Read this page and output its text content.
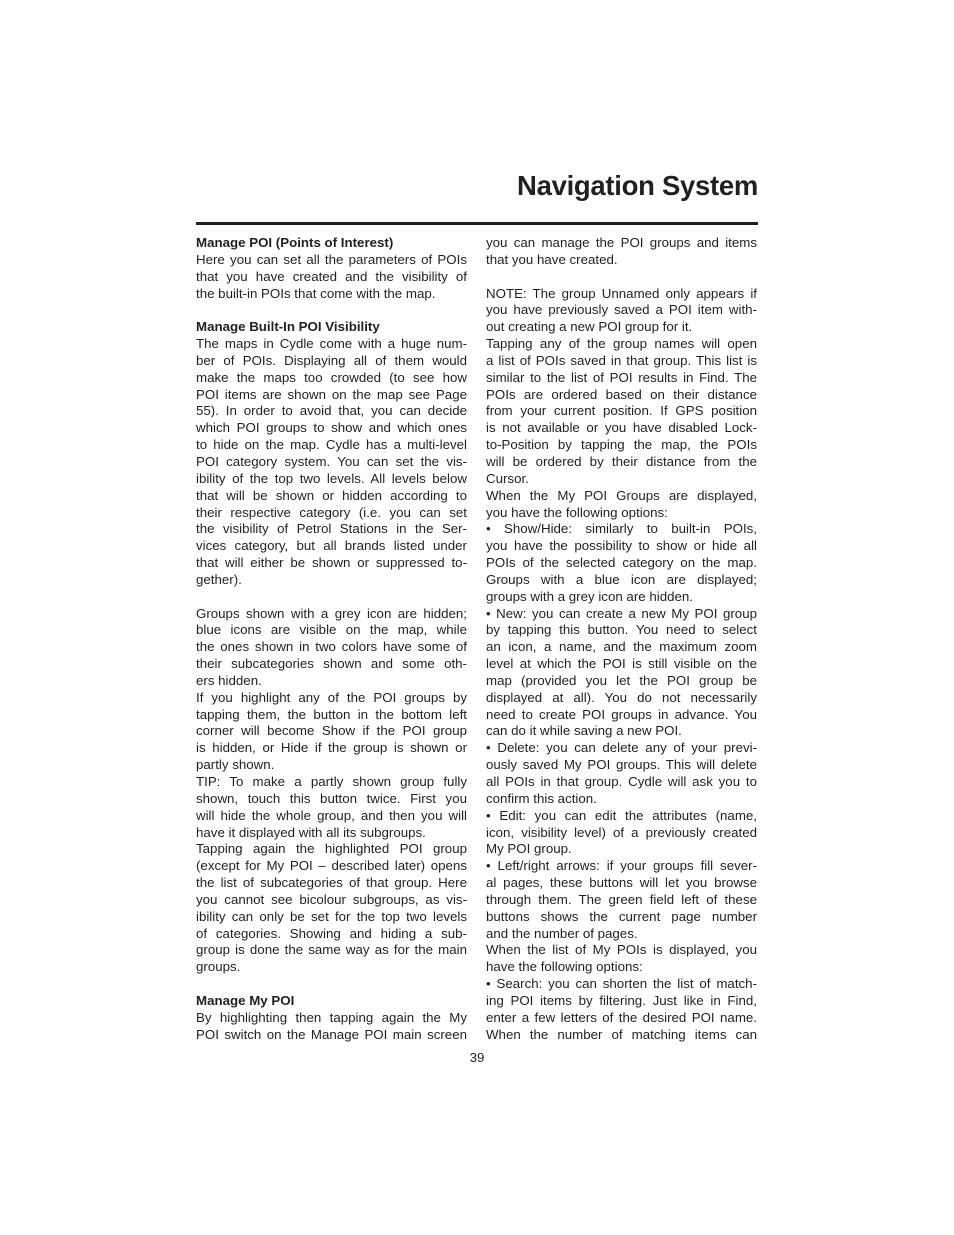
Navigation System
Manage POI (Points of Interest)
Here you can set all the parameters of POIs
that you have created and the visibility of
the built-in POIs that come with the map.
Manage Built-In POI Visibility
The maps in Cydle come with a huge num-
ber of POIs. Displaying all of them would
make the maps too crowded (to see how
POI items are shown on the map see Page
55). In order to avoid that, you can decide
which POI groups to show and which ones
to hide on the map. Cydle has a multi-level
POI category system. You can set the vis-
ibility of the top two levels. All levels below
that will be shown or hidden according to
their respective category (i.e. you can set
the visibility of Petrol Stations in the Ser-
vices category, but all brands listed under
that will either be shown or suppressed to-
gether).
Groups shown with a grey icon are hidden;
blue icons are visible on the map, while
the ones shown in two colors have some of
their subcategories shown and some oth-
ers hidden.
If you highlight any of the POI groups by
tapping them, the button in the bottom left
corner will become Show if the POI group
is hidden, or Hide if the group is shown or
partly shown.
TIP: To make a partly shown group fully
shown, touch this button twice. First you
will hide the whole group, and then you will
have it displayed with all its subgroups.
Tapping again the highlighted POI group
(except for My POI – described later) opens
the list of subcategories of that group. Here
you cannot see bicolour subgroups, as vis-
ibility can only be set for the top two levels
of categories. Showing and hiding a sub-
group is done the same way as for the main
groups.
Manage My POI
By highlighting then tapping again the My
POI switch on the Manage POI main screen
you can manage the POI groups and items
that you have created.
NOTE: The group Unnamed only appears if
you have previously saved a POI item with-
out creating a new POI group for it.
Tapping any of the group names will open
a list of POIs saved in that group. This list is
similar to the list of POI results in Find. The
POIs are ordered based on their distance
from your current position. If GPS position
is not available or you have disabled Lock-
to-Position by tapping the map, the POIs
will be ordered by their distance from the
Cursor.
When the My POI Groups are displayed,
you have the following options:
• Show/Hide: similarly to built-in POIs,
you have the possibility to show or hide all
POIs of the selected category on the map.
Groups with a blue icon are displayed;
groups with a grey icon are hidden.
• New: you can create a new My POI group
by tapping this button. You need to select
an icon, a name, and the maximum zoom
level at which the POI is still visible on the
map (provided you let the POI group be
displayed at all). You do not necessarily
need to create POI groups in advance. You
can do it while saving a new POI.
• Delete: you can delete any of your previ-
ously saved My POI groups. This will delete
all POIs in that group. Cydle will ask you to
confirm this action.
• Edit: you can edit the attributes (name,
icon, visibility level) of a previously created
My POI group.
• Left/right arrows: if your groups fill sever-
al pages, these buttons will let you browse
through them. The green field left of these
buttons shows the current page number
and the number of pages.
When the list of My POIs is displayed, you
have the following options:
• Search: you can shorten the list of match-
ing POI items by filtering. Just like in Find,
enter a few letters of the desired POI name.
When the number of matching items can
39
